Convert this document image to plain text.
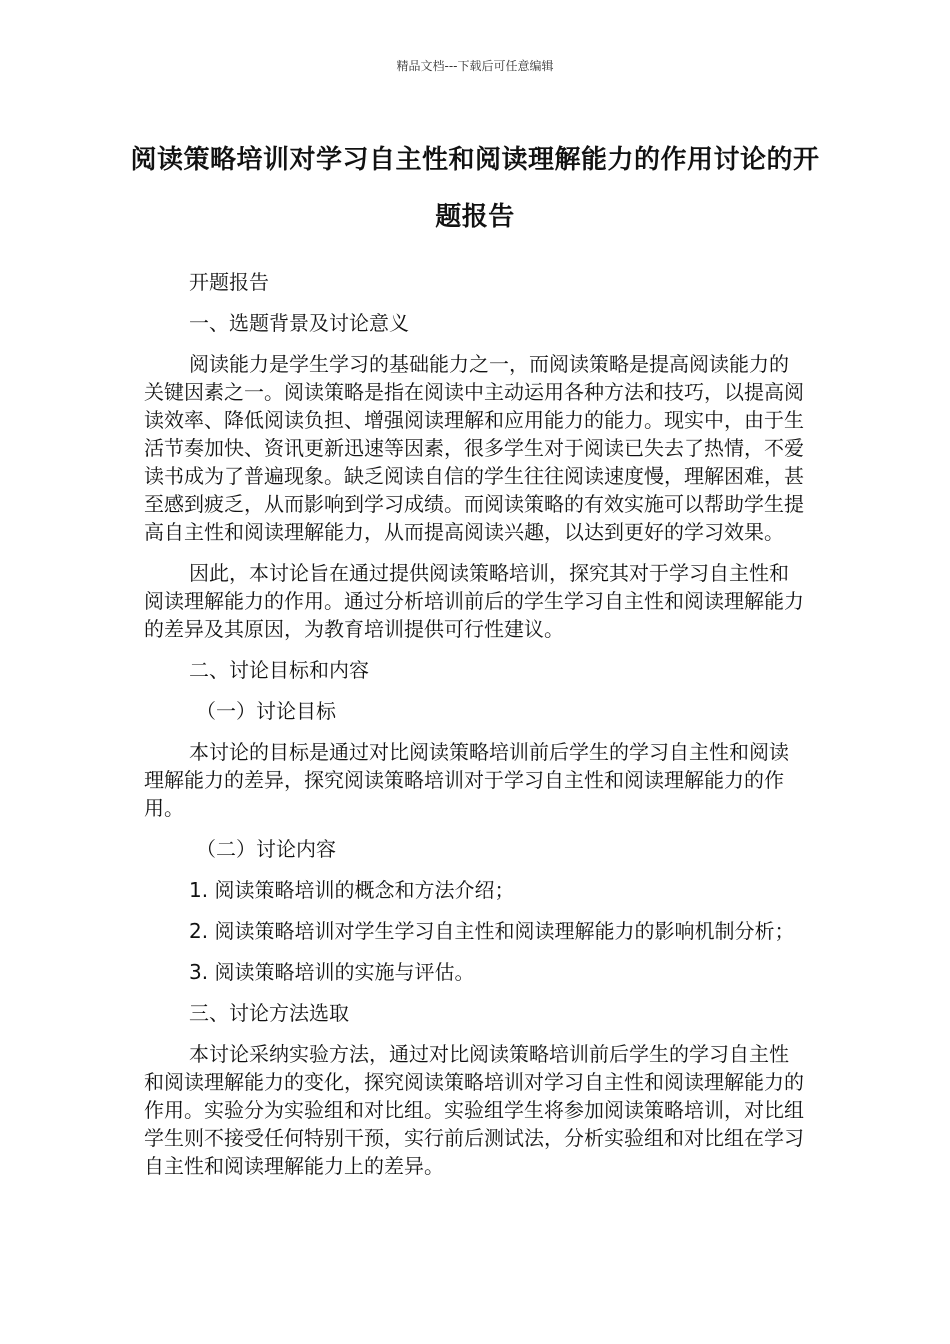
精品文档---下载后可任意编辑
阅读策略培训对学习自主性和阅读理解能力的作用讨论的开题报告

开题报告

一、选题背景及讨论意义

阅读能力是学生学习的基础能力之一，而阅读策略是提高阅读能力的关键因素之一。阅读策略是指在阅读中主动运用各种方法和技巧，以提高阅读效率、降低阅读负担、增强阅读理解和应用能力的能力。现实中，由于生活节奏加快、资讯更新迅速等因素，很多学生对于阅读已失去了热情，不爱读书成为了普遍现象。缺乏阅读自信的学生往往阅读速度慢，理解困难，甚至感到疲乏，从而影响到学习成绩。而阅读策略的有效实施可以帮助学生提高自主性和阅读理解能力，从而提高阅读兴趣，以达到更好的学习效果。

因此，本讨论旨在通过提供阅读策略培训，探究其对于学习自主性和阅读理解能力的作用。通过分析培训前后的学生学习自主性和阅读理解能力的差异及其原因，为教育培训提供可行性建议。

二、讨论目标和内容

（一）讨论目标

本讨论的目标是通过对比阅读策略培训前后学生的学习自主性和阅读理解能力的差异，探究阅读策略培训对于学习自主性和阅读理解能力的作用。

（二）讨论内容

1. 阅读策略培训的概念和方法介绍；

2. 阅读策略培训对学生学习自主性和阅读理解能力的影响机制分析；

3. 阅读策略培训的实施与评估。

三、讨论方法选取

本讨论采纳实验方法，通过对比阅读策略培训前后学生的学习自主性和阅读理解能力的变化，探究阅读策略培训对学习自主性和阅读理解能力的作用。实验分为实验组和对比组。实验组学生将参加阅读策略培训，对比组学生则不接受任何特别干预，实行前后测试法，分析实验组和对比组在学习自主性和阅读理解能力上的差异。
